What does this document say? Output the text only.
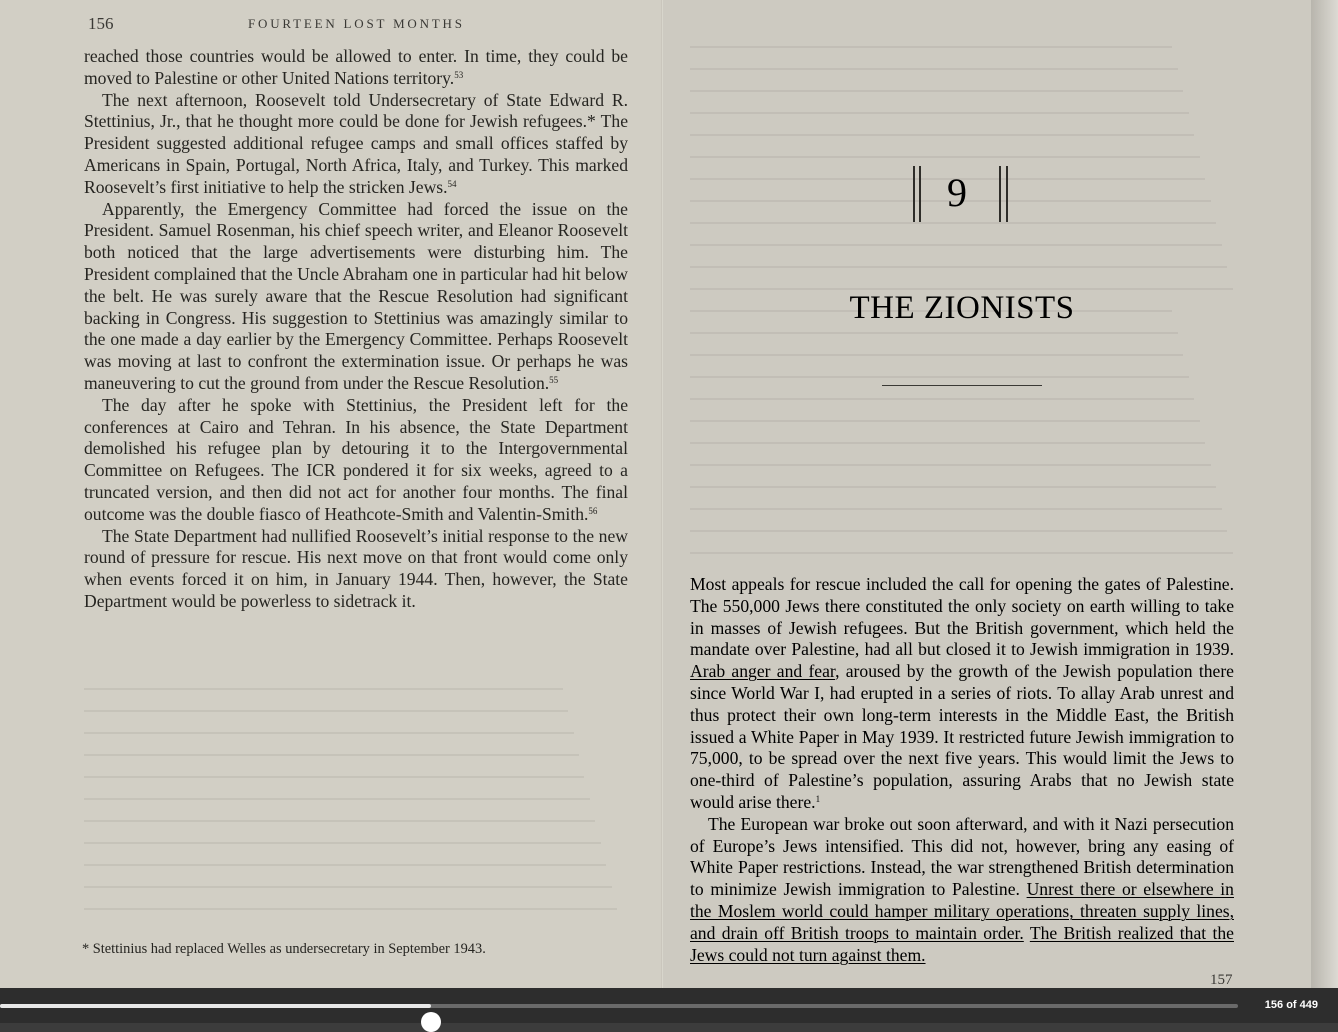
156	FOURTEEN LOST MONTHS

reached those countries would be allowed to enter. In time, they could be moved to Palestine or other United Nations territory.$^{53}$

The next afternoon, Roosevelt told Undersecretary of State Edward R. Stettinius, Jr., that he thought more could be done for Jewish refugees.* The President suggested additional refugee camps and small offices staffed by Americans in Spain, Portugal, North Africa, Italy, and Turkey. This marked Roosevelt’s first initiative to help the stricken Jews.$^{54}$

Apparently, the Emergency Committee had forced the issue on the President. Samuel Rosenman, his chief speech writer, and Eleanor Roosevelt both noticed that the large advertisements were disturbing him. The President complained that the Uncle Abraham one in particular had hit below the belt. He was surely aware that the Rescue Resolution had significant backing in Congress. His suggestion to Stettinius was amazingly similar to the one made a day earlier by the Emergency Committee. Perhaps Roosevelt was moving at last to confront the extermination issue. Or perhaps he was maneuvering to cut the ground from under the Rescue Resolution.$^{55}$

The day after he spoke with Stettinius, the President left for the conferences at Cairo and Tehran. In his absence, the State Department demolished his refugee plan by detouring it to the Intergovernmental Committee on Refugees. The ICR pondered it for six weeks, agreed to a truncated version, and then did not act for another four months. The final outcome was the double fiasco of Heathcote-Smith and Valentin-Smith.$^{56}$

The State Department had nullified Roosevelt’s initial response to the new round of pressure for rescue. His next move on that front would come only when events forced it on him, in January 1944. Then, however, the State Department would be powerless to sidetrack it.

* Stettinius had replaced Welles as undersecretary in September 1943.
9
THE ZIONISTS

Most appeals for rescue included the call for opening the gates of Palestine. The 550,000 Jews there constituted the only society on earth willing to take in masses of Jewish refugees. But the British government, which held the mandate over Palestine, had all but closed it to Jewish immigration in 1939. Arab anger and fear, aroused by the growth of the Jewish population there since World War I, had erupted in a series of riots. To allay Arab unrest and thus protect their own long-term interests in the Middle East, the British issued a White Paper in May 1939. It restricted future Jewish immigration to 75,000, to be spread over the next five years. This would limit the Jews to one-third of Palestine’s population, assuring Arabs that no Jewish state would arise there.$^1$

The European war broke out soon afterward, and with it Nazi persecution of Europe’s Jews intensified. This did not, however, bring any easing of White Paper restrictions. Instead, the war strengthened British determination to minimize Jewish immigration to Palestine. Unrest there or elsewhere in the Moslem world could hamper military operations, threaten supply lines, and drain off British troops to maintain order. The British realized that the Jews could not turn against them.

157
156 of 449
